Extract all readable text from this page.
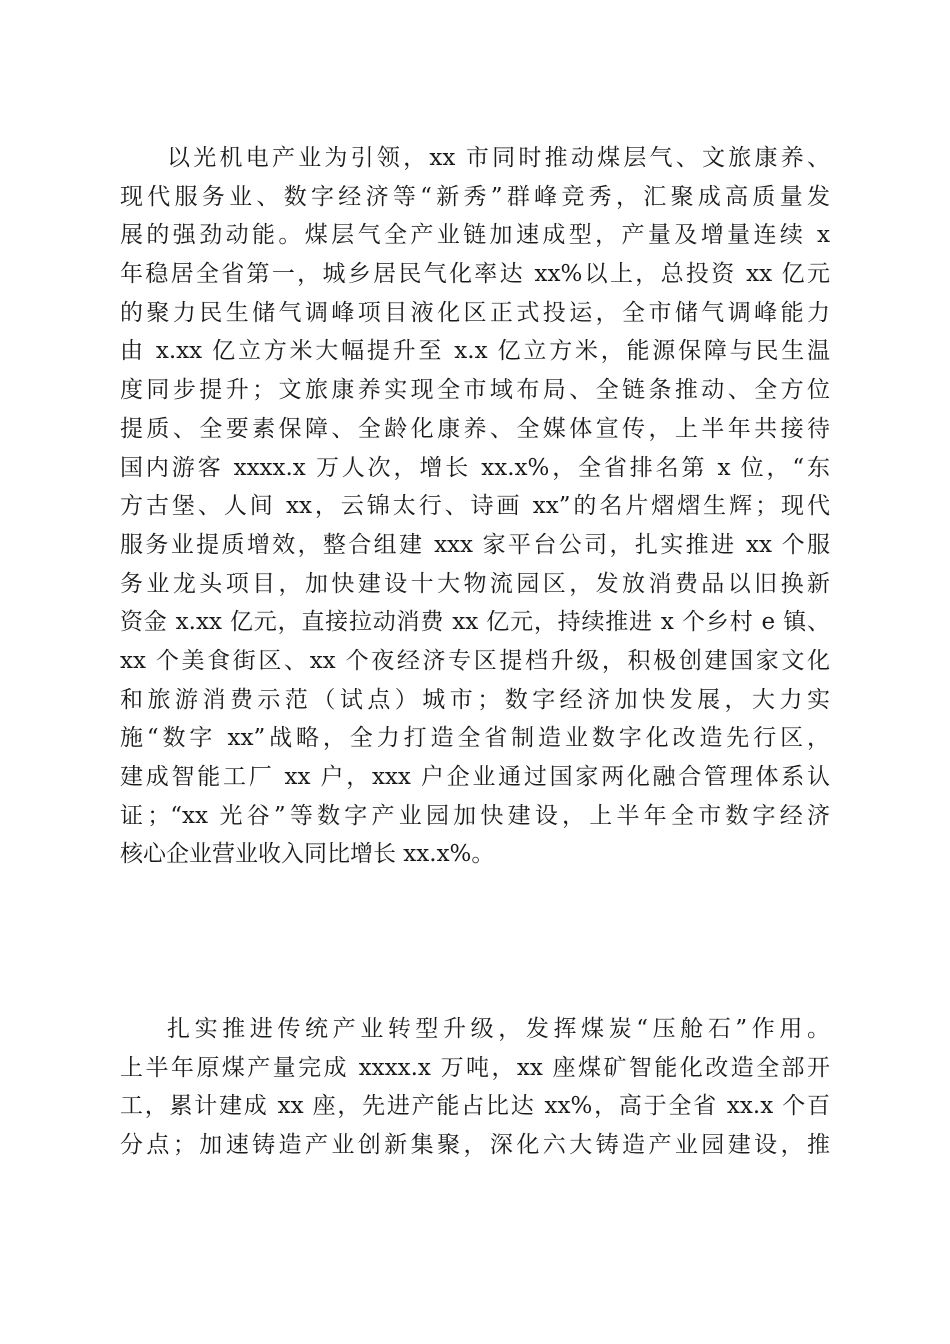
以光机电产业为引领，xx 市同时推动煤层气、文旅康养、
现代服务业、数字经济等“新秀”群峰竞秀，汇聚成高质量发
展的强劲动能。煤层气全产业链加速成型，产量及增量连续 x
年稳居全省第一，城乡居民气化率达 xx%以上，总投资 xx 亿元
的聚力民生储气调峰项目液化区正式投运，全市储气调峰能力
由 x.xx 亿立方米大幅提升至 x.x 亿立方米，能源保障与民生温
度同步提升；文旅康养实现全市域布局、全链条推动、全方位
提质、全要素保障、全龄化康养、全媒体宣传，上半年共接待
国内游客 xxxx.x 万人次，增长 xx.x%，全省排名第 x 位，“东
方古堡、人间 xx，云锦太行、诗画 xx”的名片熠熠生辉；现代
服务业提质增效，整合组建 xxx 家平台公司，扎实推进 xx 个服
务业龙头项目，加快建设十大物流园区，发放消费品以旧换新
资金 x.xx 亿元，直接拉动消费 xx 亿元，持续推进 x 个乡村 e 镇、
xx 个美食街区、xx 个夜经济专区提档升级，积极创建国家文化
和旅游消费示范（试点）城市；数字经济加快发展，大力实
施“数字 xx”战略，全力打造全省制造业数字化改造先行区，
建成智能工厂 xx 户，xxx 户企业通过国家两化融合管理体系认
证；“xx 光谷”等数字产业园加快建设，上半年全市数字经济
核心企业营业收入同比增长 xx.x%。
扎实推进传统产业转型升级，发挥煤炭“压舱石”作用。
上半年原煤产量完成 xxxx.x 万吨，xx 座煤矿智能化改造全部开
工，累计建成 xx 座，先进产能占比达 xx%，高于全省 xx.x 个百
分点；加速铸造产业创新集聚，深化六大铸造产业园建设，推
